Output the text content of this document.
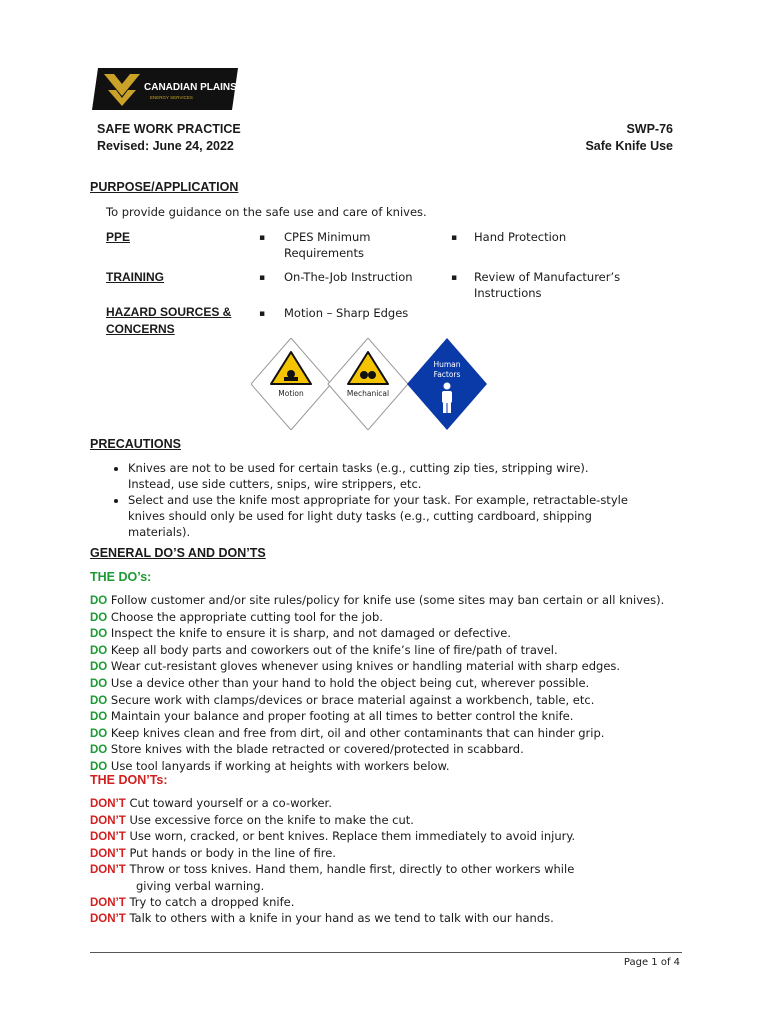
CANADIAN PLAINS
ENERGY SERVICES
SAFE WORK PRACTICE
Revised: June 24, 2022
SWP-76
Safe Knife Use
PURPOSE/APPLICATION
To provide guidance on the safe use and care of knives.
PPE	▪ CPES Minimum
Requirements
▪ Hand Protection
TRAINING	▪ On-The-Job Instruction	▪ Review of Manufacturer’s
Instructions
HAZARD SOURCES &
CONCERNS
▪ Motion – Sharp Edges
Motion	Mechanical
Human
Factors
PRECAUTIONS
• Knives are not to be used for certain tasks (e.g., cutting zip ties, stripping wire).
Instead, use side cutters, snips, wire strippers, etc.
• Select and use the knife most appropriate for your task. For example, retractable-style
knives should only be used for light duty tasks (e.g., cutting cardboard, shipping
materials).
GENERAL DO’S AND DON’TS
THE DO’s:
DO Follow customer and/or site rules/policy for knife use (some sites may ban certain or all knives).
DO Choose the appropriate cutting tool for the job.
DO Inspect the knife to ensure it is sharp, and not damaged or defective.
DO Keep all body parts and coworkers out of the knife’s line of fire/path of travel.
DO Wear cut-resistant gloves whenever using knives or handling material with sharp edges.
DO Use a device other than your hand to hold the object being cut, wherever possible.
DO Secure work with clamps/devices or brace material against a workbench, table, etc.
DO Maintain your balance and proper footing at all times to better control the knife.
DO Keep knives clean and free from dirt, oil and other contaminants that can hinder grip.
DO Store knives with the blade retracted or covered/protected in scabbard.
DO Use tool lanyards if working at heights with workers below.
THE DON’Ts:
DON’T Cut toward yourself or a co-worker.
DON’T Use excessive force on the knife to make the cut.
DON’T Use worn, cracked, or bent knives. Replace them immediately to avoid injury.
DON’T Put hands or body in the line of fire.
DON’T Throw or toss knives. Hand them, handle first, directly to other workers while
giving verbal warning.
DON’T Try to catch a dropped knife.
DON’T Talk to others with a knife in your hand as we tend to talk with our hands.
Page 1 of 4
